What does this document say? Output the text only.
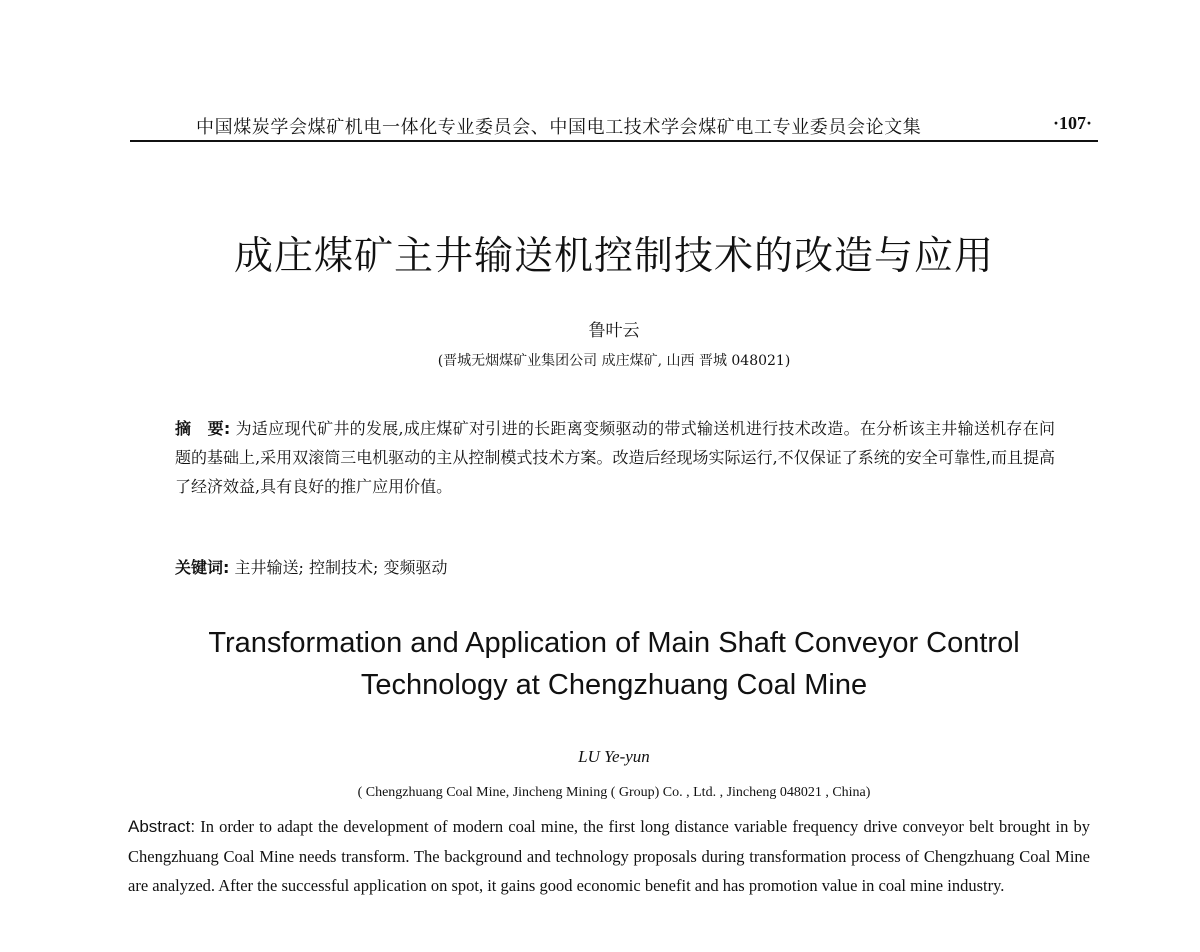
中国煤炭学会煤矿机电一体化专业委员会、中国电工技术学会煤矿电工专业委员会论文集	·107·
成庄煤矿主井输送机控制技术的改造与应用
鲁叶云
(晋城无烟煤矿业集团公司 成庄煤矿, 山西 晋城 048021)
摘　要: 为适应现代矿井的发展,成庄煤矿对引进的长距离变频驱动的带式输送机进行技术改造。在分析该主井输送机存在问题的基础上,采用双滚筒三电机驱动的主从控制模式技术方案。改造后经现场实际运行,不仅保证了系统的安全可靠性,而且提高了经济效益,具有良好的推广应用价值。
关键词: 主井输送; 控制技术; 变频驱动
Transformation and Application of Main Shaft Conveyor Control
Technology at Chengzhuang Coal Mine
LU Ye-yun
( Chengzhuang Coal Mine, Jincheng Mining ( Group) Co. , Ltd. , Jincheng 048021 , China)
Abstract: In order to adapt the development of modern coal mine, the first long distance variable frequency drive conveyor belt brought in by Chengzhuang Coal Mine needs transform. The background and technology proposals during transformation process of Chengzhuang Coal Mine are analyzed. After the successful application on spot, it gains good economic benefit and has promotion value in coal mine industry.
